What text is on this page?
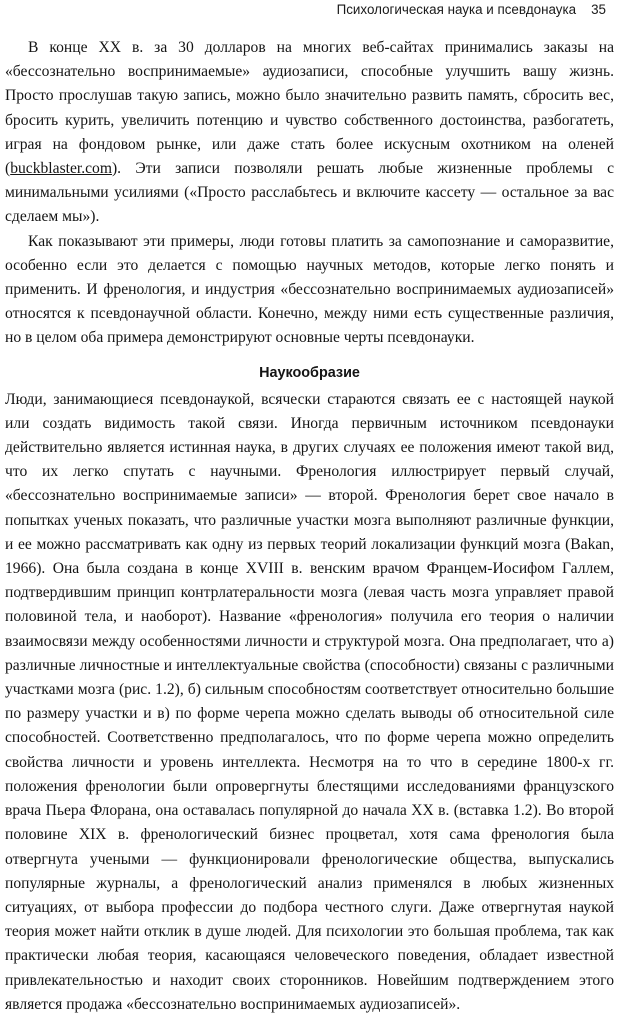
Психологическая наука и псевдонаука 35

В конце XX в. за 30 долларов на многих веб-сайтах принимались заказы на «бессознательно воспринимаемые» аудиозаписи, способные улучшить вашу жизнь. Просто прослушав такую запись, можно было значительно развить память, сбросить вес, бросить курить, увеличить потенцию и чувство собственного достоинства, разбогатеть, играя на фондовом рынке, или даже стать более искусным охотником на оленей (buckblaster.com). Эти записи позволяли решать любые жизненные проблемы с минимальными усилиями («Просто расслабьтесь и включите кассету — остальное за вас сделаем мы»).

Как показывают эти примеры, люди готовы платить за самопознание и саморазвитие, особенно если это делается с помощью научных методов, которые легко понять и применить. И френология, и индустрия «бессознательно воспринимаемых аудиозаписей» относятся к псевдонаучной области. Конечно, между ними есть существенные различия, но в целом оба примера демонстрируют основные черты псевдонауки.

Наукообразие

Люди, занимающиеся псевдонаукой, всячески стараются связать ее с настоящей наукой или создать видимость такой связи. Иногда первичным источником псевдонауки действительно является истинная наука, в других случаях ее положения имеют такой вид, что их легко спутать с научными. Френология иллюстрирует первый случай, «бессознательно воспринимаемые записи» — второй. Френология берет свое начало в попытках ученых показать, что различные участки мозга выполняют различные функции, и ее можно рассматривать как одну из первых теорий локализации функций мозга (Bakan, 1966). Она была создана в конце XVIII в. венским врачом Францем-Иосифом Галлем, подтвердившим принцип контрлатеральности мозга (левая часть мозга управляет правой половиной тела, и наоборот). Название «френология» получила его теория о наличии взаимосвязи между особенностями личности и структурой мозга. Она предполагает, что а) различные личностные и интеллектуальные свойства (способности) связаны с различными участками мозга (рис. 1.2), б) сильным способностям соответствует относительно большие по размеру участки и в) по форме черепа можно сделать выводы об относительной силе способностей. Соответственно предполагалось, что по форме черепа можно определить свойства личности и уровень интеллекта. Несмотря на то что в середине 1800-х гг. положения френологии были опровергнуты блестящими исследованиями французского врача Пьера Флорана, она оставалась популярной до начала XX в. (вставка 1.2). Во второй половине XIX в. френологический бизнес процветал, хотя сама френология была отвергнута учеными — функционировали френологические общества, выпускались популярные журналы, а френологический анализ применялся в любых жизненных ситуациях, от выбора профессии до подбора честного слуги. Даже отвергнутая наукой теория может найти отклик в душе людей. Для психологии это большая проблема, так как практически любая теория, касающаяся человеческого поведения, обладает известной привлекательностью и находит своих сторонников. Новейшим подтверждением этого является продажа «бессознательно воспринимаемых аудиозаписей».
